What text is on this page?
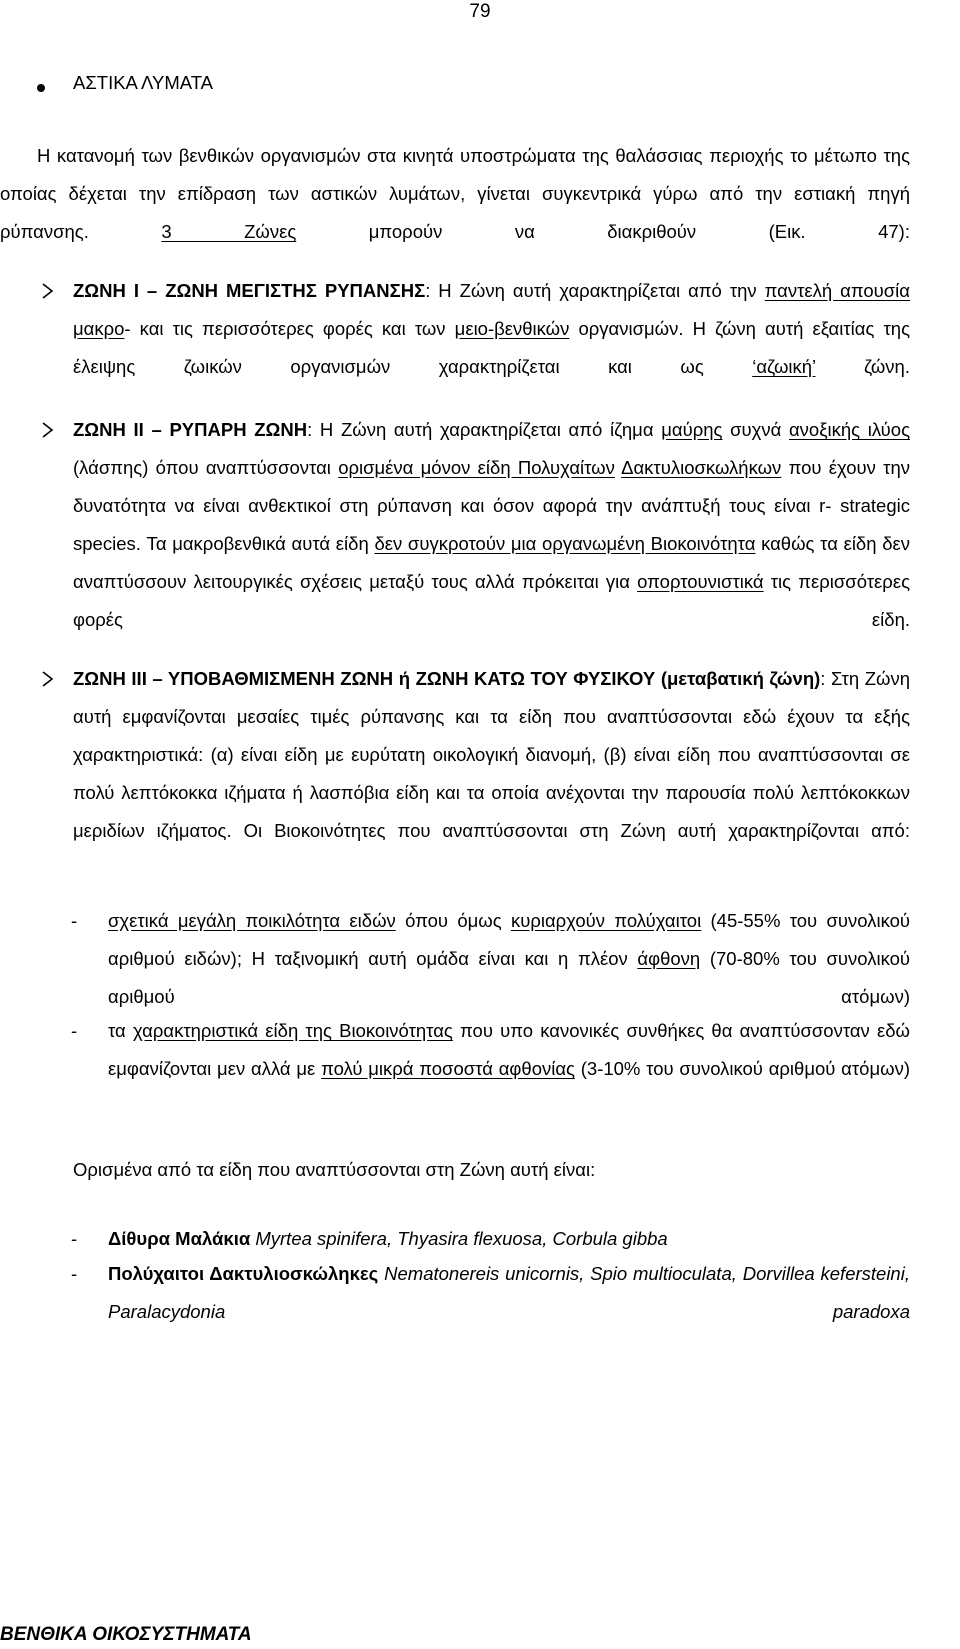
79
ΑΣΤΙΚΑ ΛΥΜΑΤΑ
Η κατανομή των βενθικών οργανισμών στα κινητά υποστρώματα της θαλάσσιας περιοχής το μέτωπο της οποίας δέχεται την επίδραση των αστικών λυμάτων, γίνεται συγκεντρικά γύρω από την εστιακή πηγή ρύπανσης. 3 Ζώνες μπορούν να διακριθούν (Εικ. 47):
ΖΩΝΗ Ι – ΖΩΝΗ ΜΕΓΙΣΤΗΣ ΡΥΠΑΝΣΗΣ: Η Ζώνη αυτή χαρακτηρίζεται από την παντελή απουσία μακρο- και τις περισσότερες φορές και των μειο-βενθικών οργανισμών. Η ζώνη αυτή εξαιτίας της έλειψης ζωικών οργανισμών χαρακτηρίζεται και ως ‘αζωική’ ζώνη.
ΖΩΝΗ ΙΙ – ΡΥΠΑΡΗ ΖΩΝΗ: Η Ζώνη αυτή χαρακτηρίζεται από ίζημα μαύρης συχνά ανοξικής ιλύος (λάσπης) όπου αναπτύσσονται ορισμένα μόνον είδη Πολυχαίτων Δακτυλιοσκωλήκων που έχουν την δυνατότητα να είναι ανθεκτικοί στη ρύπανση και όσον αφορά την ανάπτυξή τους είναι r- strategic species. Τα μακροβενθικά αυτά είδη δεν συγκροτούν μια οργανωμένη Βιοκοινότητα καθώς τα είδη δεν αναπτύσσουν λειτουργικές σχέσεις μεταξύ τους αλλά πρόκειται για οπορτουνιστικά τις περισσότερες φορές είδη.
ΖΩΝΗ ΙΙΙ – ΥΠΟΒΑΘΜΙΣΜΕΝΗ ΖΩΝΗ ή ΖΩΝΗ ΚΑΤΩ ΤΟΥ ΦΥΣΙΚΟΥ (μεταβατική ζώνη): Στη Ζώνη αυτή εμφανίζονται μεσαίες τιμές ρύπανσης και τα είδη που αναπτύσσονται εδώ έχουν τα εξής χαρακτηριστικά: (α) είναι είδη με ευρύτατη οικολογική διανομή, (β) είναι είδη που αναπτύσσονται σε πολύ λεπτόκοκκα ιζήματα ή λασπόβια είδη και τα οποία ανέχονται την παρουσία πολύ λεπτόκοκκων μεριδίων ιζήματος. Οι Βιοκοινότητες που αναπτύσσονται στη Ζώνη αυτή χαρακτηρίζονται από:
- σχετικά μεγάλη ποικιλότητα ειδών όπου όμως κυριαρχούν πολύχαιτοι (45-55% του συνολικού αριθμού ειδών); Η ταξινομική αυτή ομάδα είναι και η πλέον άφθονη (70-80% του συνολικού αριθμού ατόμων)
- τα χαρακτηριστικά είδη της Βιοκοινότητας που υπο κανονικές συνθήκες θα αναπτύσσονταν εδώ εμφανίζονται μεν αλλά με πολύ μικρά ποσοστά αφθονίας (3-10% του συνολικού αριθμού ατόμων)
Ορισμένα από τα είδη που αναπτύσσονται στη Ζώνη αυτή είναι:
- Δίθυρα Μαλάκια Myrtea spinifera, Thyasira flexuosa, Corbula gibba
- Πολύχαιτοι Δακτυλιοσκώληκες Nematonereis unicornis, Spio multioculata, Dorvillea kefersteini, Paralacydonia paradoxa
ΒΕΝΘΙΚΑ ΟΙΚΟΣΥΣΤΗΜΑΤΑ
